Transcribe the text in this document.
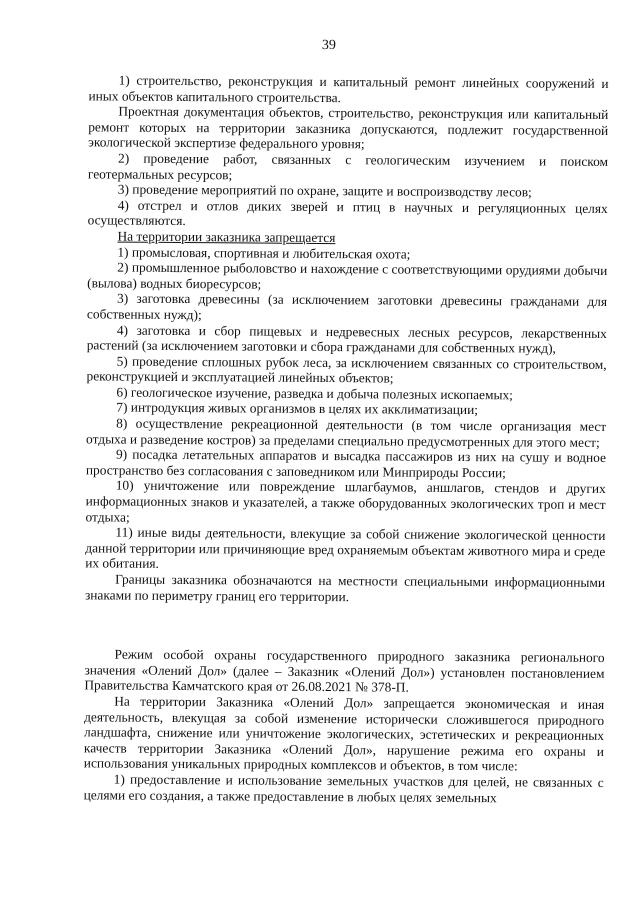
39

1) строительство, реконструкция и капитальный ремонт линейных сооружений и иных объектов капитального строительства.

Проектная документация объектов, строительство, реконструкция или капитальный ремонт которых на территории заказника допускаются, подлежит государственной экологической экспертизе федерального уровня;

2) проведение работ, связанных с геологическим изучением и поиском геотермальных ресурсов;

3) проведение мероприятий по охране, защите и воспроизводству лесов;

4) отстрел и отлов диких зверей и птиц в научных и регуляционных целях осуществляются.

На территории заказника запрещается

1) промысловая, спортивная и любительская охота;

2) промышленное рыболовство и нахождение с соответствующими орудиями добычи (вылова) водных биоресурсов;

3) заготовка древесины (за исключением заготовки древесины гражданами для собственных нужд);

4) заготовка и сбор пищевых и недревесных лесных ресурсов, лекарственных растений (за исключением заготовки и сбора гражданами для собственных нужд),

5) проведение сплошных рубок леса, за исключением связанных со строительством, реконструкцией и эксплуатацией линейных объектов;

6) геологическое изучение, разведка и добыча полезных ископаемых;

7) интродукция живых организмов в целях их акклиматизации;

8) осуществление рекреационной деятельности (в том числе организация мест отдыха и разведение костров) за пределами специально предусмотренных для этого мест;

9) посадка летательных аппаратов и высадка пассажиров из них на сушу и водное пространство без согласования с заповедником или Минприроды России;

10) уничтожение или повреждение шлагбаумов, аншлагов, стендов и других информационных знаков и указателей, а также оборудованных экологических троп и мест отдыха;

11) иные виды деятельности, влекущие за собой снижение экологической ценности данной территории или причиняющие вред охраняемым объектам животного мира и среде их обитания.

Границы заказника обозначаются на местности специальными информационными знаками по периметру границ его территории.

Режим особой охраны государственного природного заказника регионального значения «Олений Дол» (далее – Заказник «Олений Дол») установлен постановлением Правительства Камчатского края от 26.08.2021 № 378-П.

На территории Заказника «Олений Дол» запрещается экономическая и иная деятельность, влекущая за собой изменение исторически сложившегося природного ландшафта, снижение или уничтожение экологических, эстетических и рекреационных качеств территории Заказника «Олений Дол», нарушение режима его охраны и использования уникальных природных комплексов и объектов, в том числе:

1) предоставление и использование земельных участков для целей, не связанных с целями его создания, а также предоставление в любых целях земельных
